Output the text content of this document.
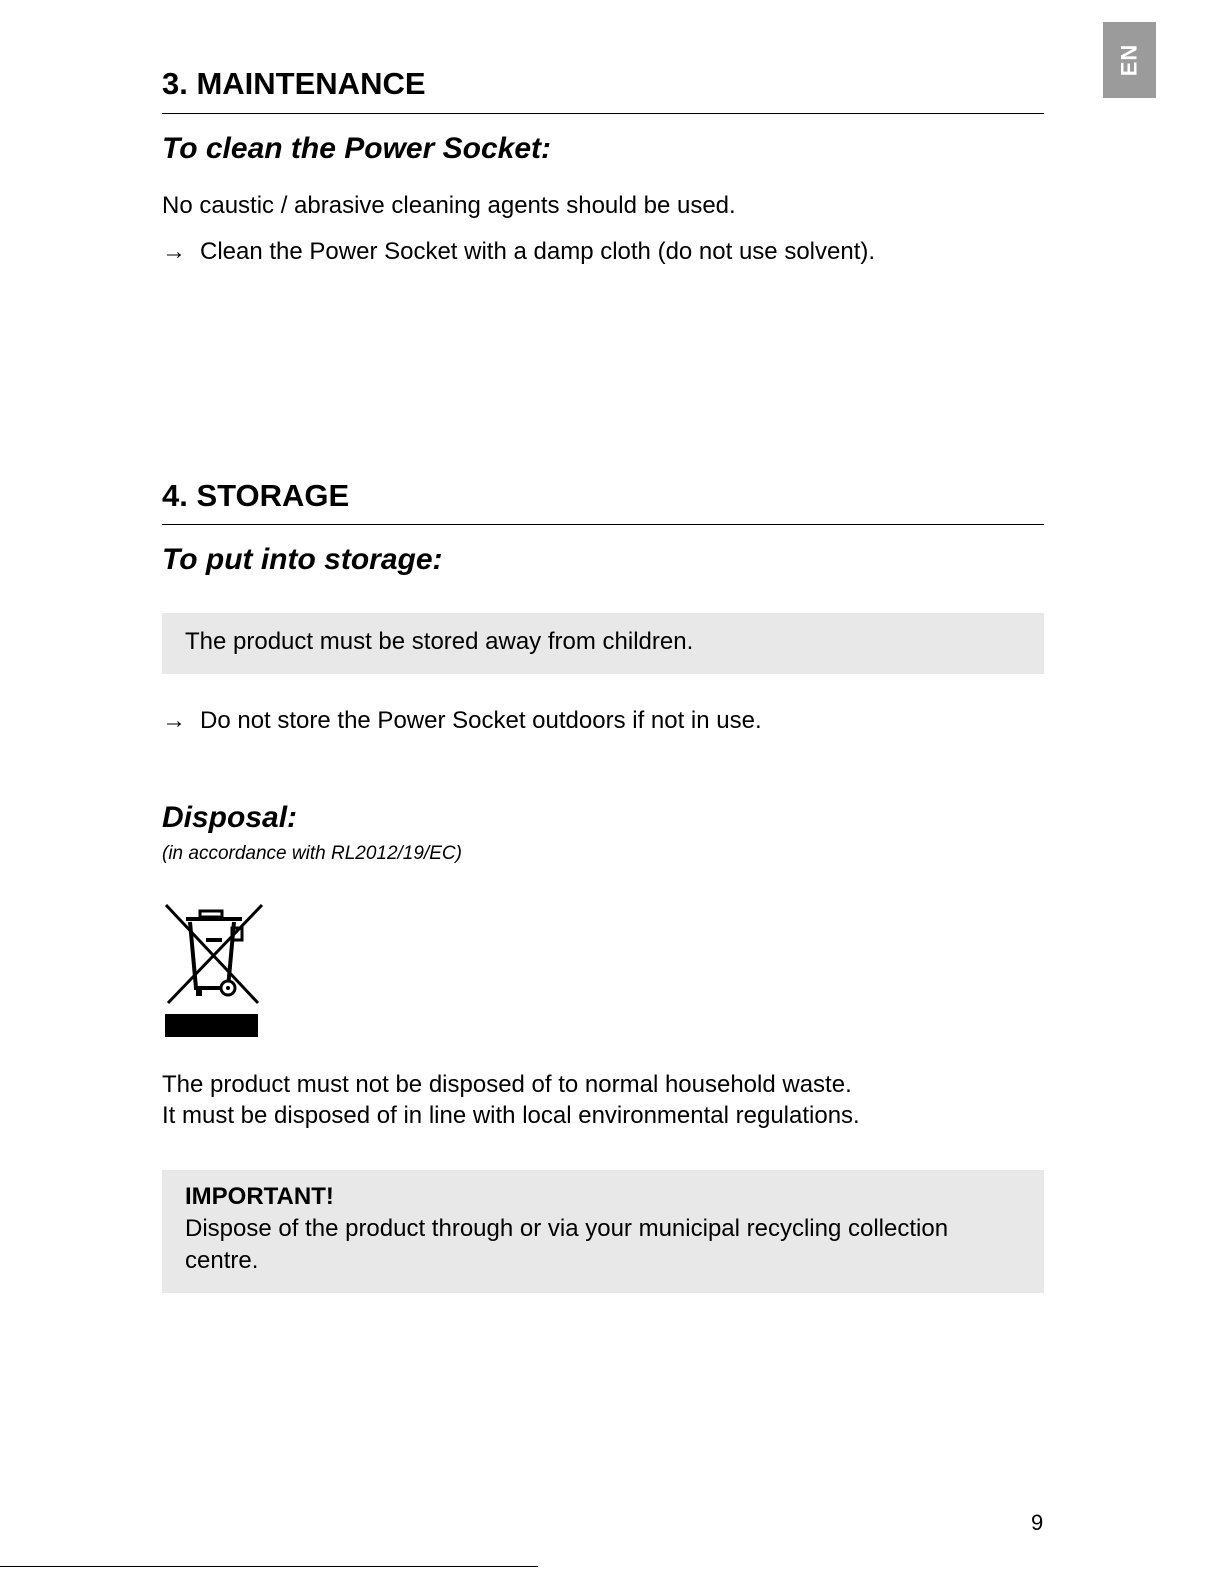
EN
3. MAINTENANCE
To clean the Power Socket:

No caustic / abrasive cleaning agents should be used.

→ Clean the Power Socket with a damp cloth (do not use solvent).
4. STORAGE
To put into storage:
The product must be stored away from children.
→ Do not store the Power Socket outdoors if not in use.
Disposal:
(in accordance with RL2012/19/EC)

The product must not be disposed of to normal household waste.

It must be disposed of in line with local environmental regulations.

IMPORTANT!
Dispose of the product through or via your municipal recycling collection centre.
9
